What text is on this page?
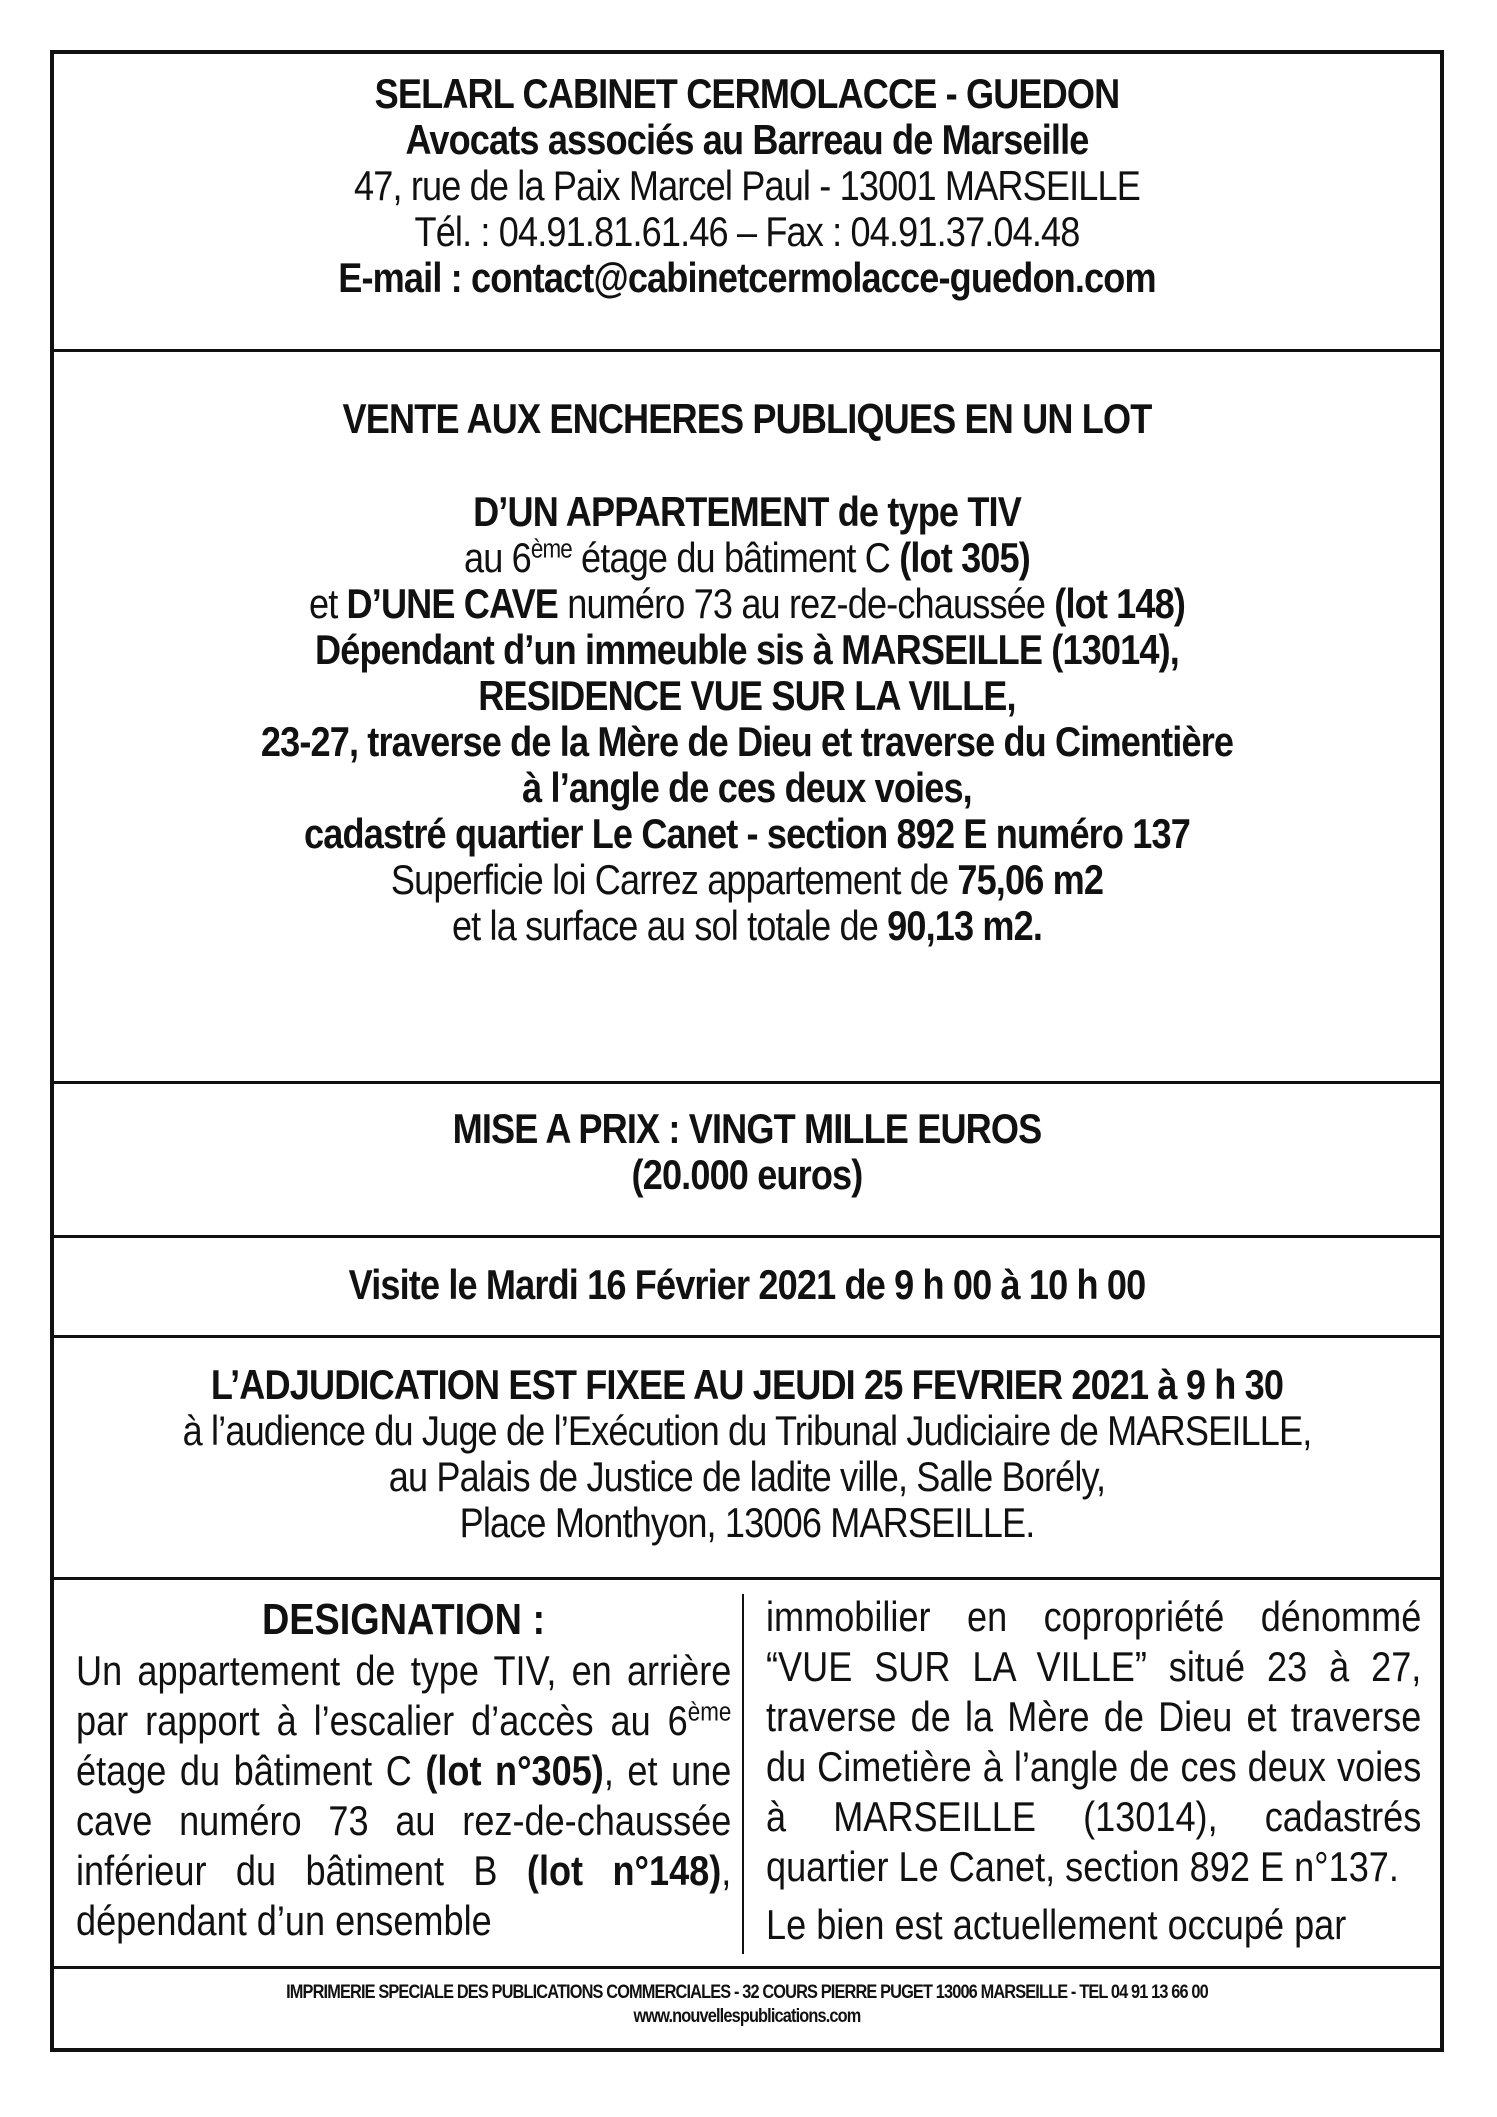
SELARL CABINET CERMOLACCE - GUEDON
Avocats associés au Barreau de Marseille
47, rue de la Paix Marcel Paul - 13001 MARSEILLE
Tél. : 04.91.81.61.46 – Fax : 04.91.37.04.48
E-mail : contact@cabinetcermolacce-guedon.com
VENTE AUX ENCHERES PUBLIQUES EN UN LOT
D’UN APPARTEMENT de type TIV
au 6ème étage du bâtiment C (lot 305)
et D’UNE CAVE numéro 73 au rez-de-chaussée (lot 148)
Dépendant d’un immeuble sis à MARSEILLE (13014),
RESIDENCE VUE SUR LA VILLE,
23-27, traverse de la Mère de Dieu et traverse du Cimentière
à l’angle de ces deux voies,
cadastré quartier Le Canet - section 892 E numéro 137
Superficie loi Carrez appartement de 75,06 m2
et la surface au sol totale de 90,13 m2.
MISE A PRIX : VINGT MILLE EUROS
(20.000 euros)
Visite le Mardi 16 Février 2021 de 9 h 00 à 10 h 00
L’ADJUDICATION EST FIXEE AU JEUDI 25 FEVRIER 2021 à 9 h 30
à l’audience du Juge de l’Exécution du Tribunal Judiciaire de MARSEILLE,
au Palais de Justice de ladite ville, Salle Borély,
Place Monthyon, 13006 MARSEILLE.
DESIGNATION :

Un appartement de type TIV, en arrière par rapport à l’escalier d’accès au 6ème étage du bâtiment C (lot n°305), et une cave numéro 73 au rez-de-chaussée inférieur du bâtiment B (lot n°148), dépendant d’un ensemble

immobilier en copropriété dénommé “VUE SUR LA VILLE” situé 23 à 27, traverse de la Mère de Dieu et traverse du Cimetière à l’angle de ces deux voies à MARSEILLE (13014), cadastrés quartier Le Canet, section 892 E n°137.

Le bien est actuellement occupé par

IMPRIMERIE SPECIALE DES PUBLICATIONS COMMERCIALES - 32 COURS PIERRE PUGET 13006 MARSEILLE - TEL 04 91 13 66 00
www.nouvellespublications.com
